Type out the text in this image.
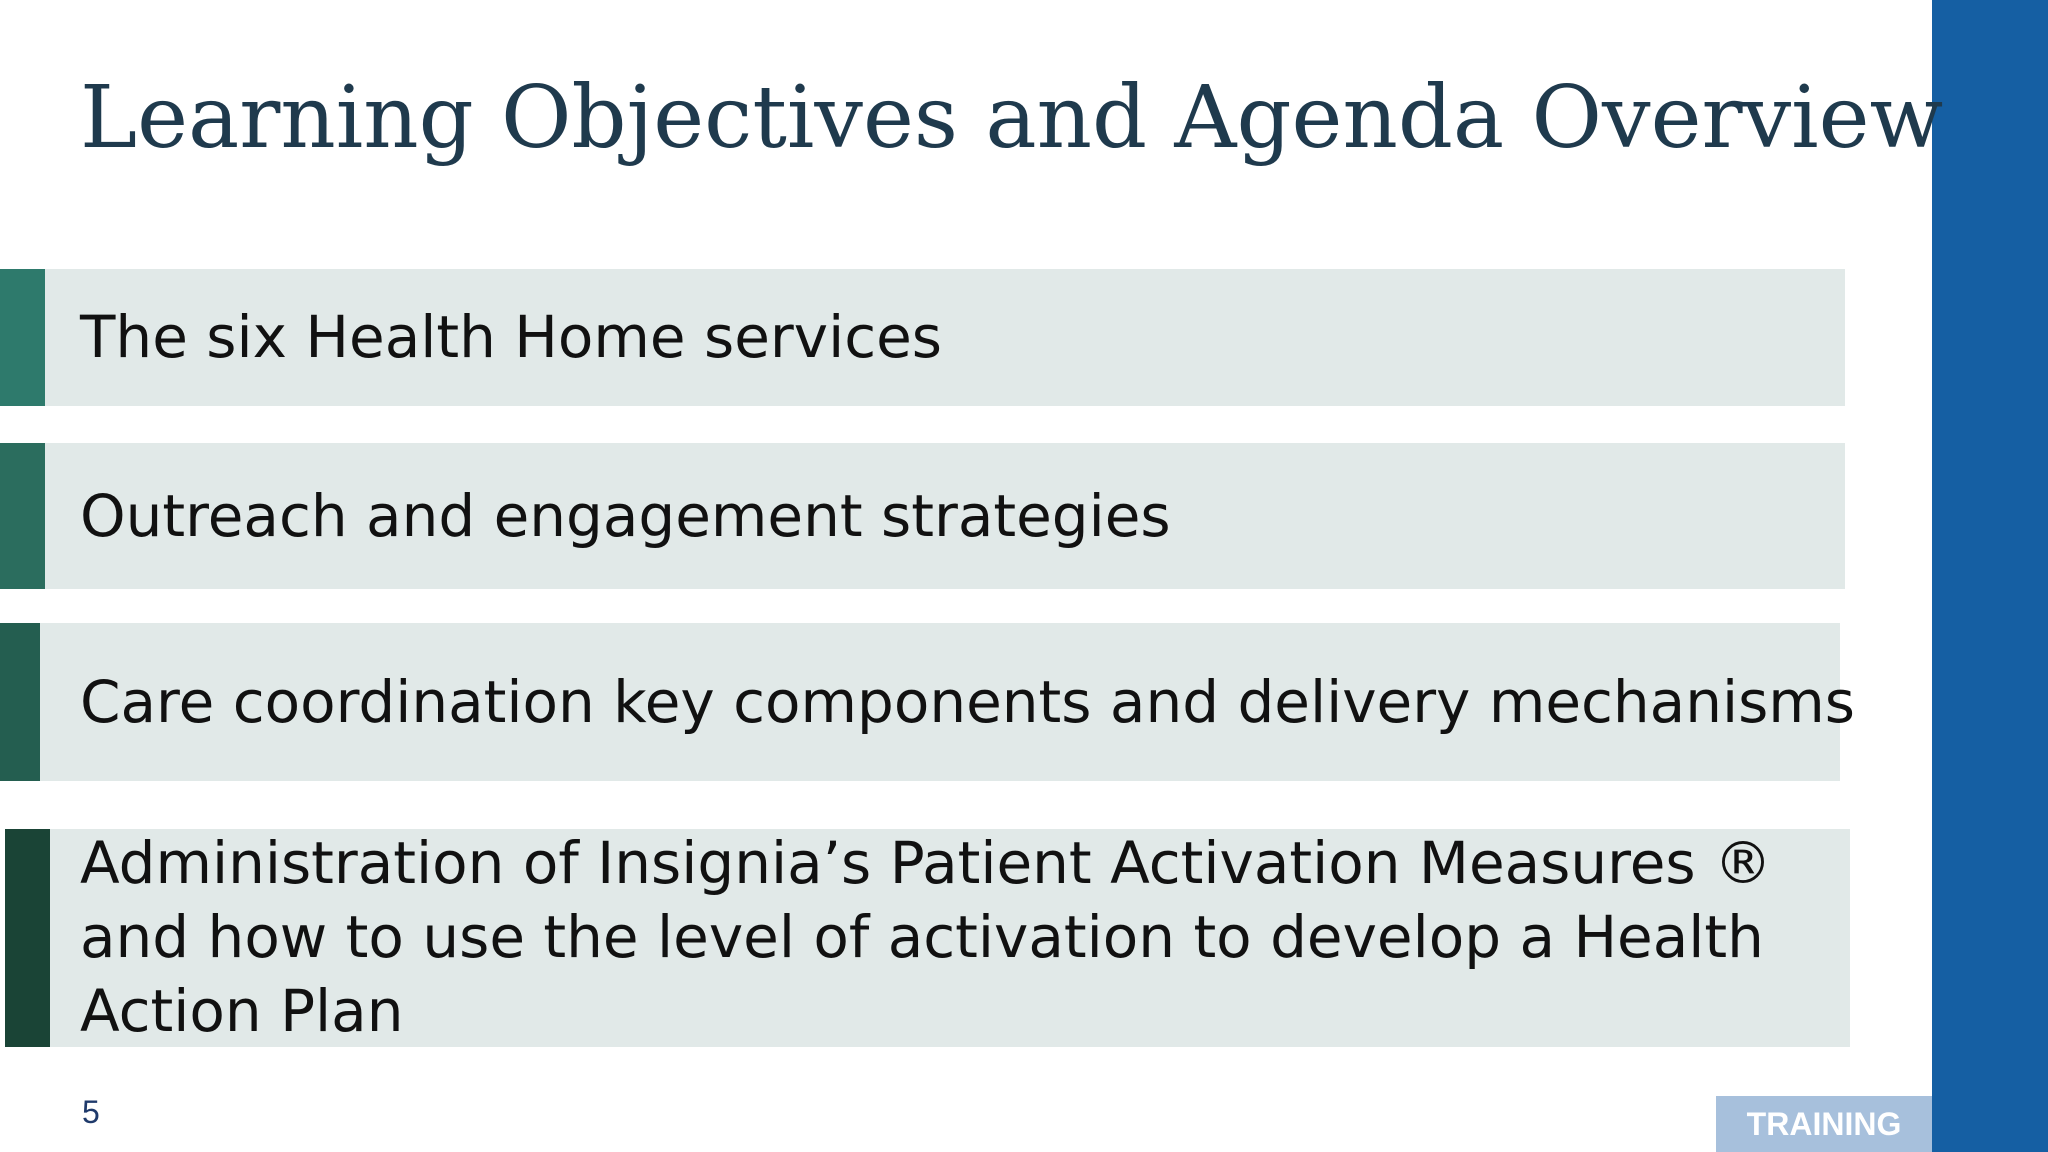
Learning Objectives and Agenda Overview
The six Health Home services
Outreach and engagement strategies
Care coordination key components and delivery mechanisms
Administration of Insignia’s Patient Activation Measures ® and how to use the level of activation to develop a Health Action Plan
5	TRAINING
